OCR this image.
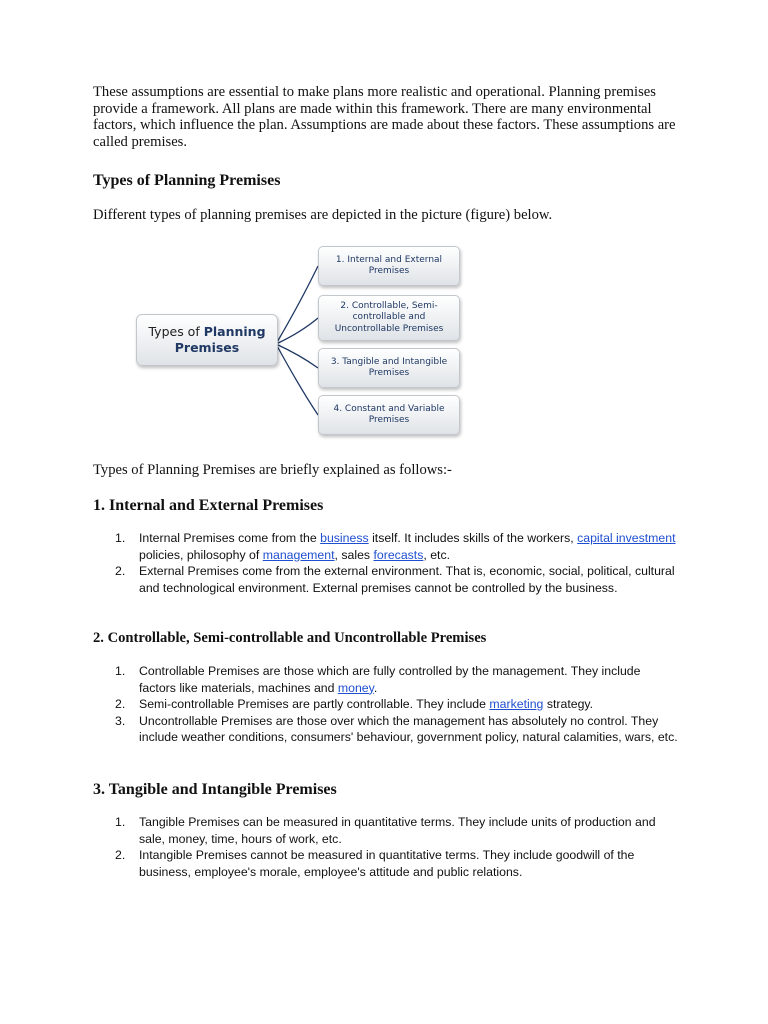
These assumptions are essential to make plans more realistic and operational. Planning premises provide a framework. All plans are made within this framework. There are many environmental factors, which influence the plan. Assumptions are made about these factors. These assumptions are called premises.

Types of Planning Premises

Different types of planning premises are depicted in the picture (figure) below.

Types of Planning
Premises
1. Internal and External
Premises
2. Controllable, Semi-
controllable and
Uncontrollable Premises
3. Tangible and Intangible
Premises
4. Constant and Variable
Premises

Types of Planning Premises are briefly explained as follows:-

1. Internal and External Premises
1. Internal Premises come from the business itself. It includes skills of the workers, capital investment policies, philosophy of management, sales forecasts, etc.
2. External Premises come from the external environment. That is, economic, social, political, cultural and technological environment. External premises cannot be controlled by the business.
2. Controllable, Semi-controllable and Uncontrollable Premises
1. Controllable Premises are those which are fully controlled by the management. They include factors like materials, machines and money.
2. Semi-controllable Premises are partly controllable. They include marketing strategy.
3. Uncontrollable Premises are those over which the management has absolutely no control. They include weather conditions, consumers' behaviour, government policy, natural calamities, wars, etc.
3. Tangible and Intangible Premises
1. Tangible Premises can be measured in quantitative terms. They include units of production and sale, money, time, hours of work, etc.
2. Intangible Premises cannot be measured in quantitative terms. They include goodwill of the business, employee's morale, employee's attitude and public relations.
